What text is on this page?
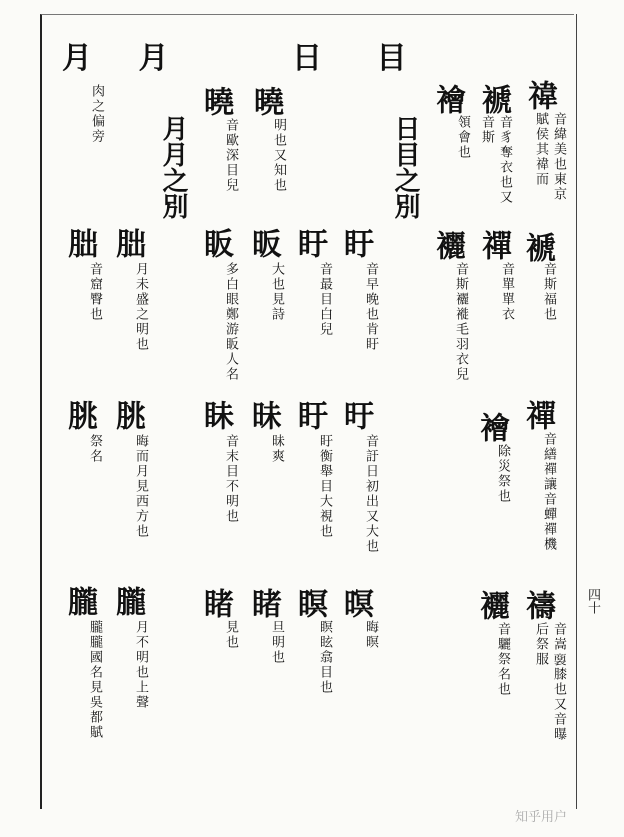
四十
月 月	日 目
日目之別
月月之別
禕
音緯美也東京
賦侯其禕而
褫
音豸奪衣也又
音斯
襘
領會也
褫
音斯福也
禪
音單單衣
襹
音斯襹褷毛羽衣兒
禪
音繕禪讓音蟬禪機
襘
除災祭也
禱
音嵩𧜟膝也又音曝
后祭服
襹
音驪祭名也
曉
明也又知也
曉
音歐深目兒
盱
音早晚也肯盱
盱
音最目白兒
昄
大也見詩
眅
多白眼鄭游眅人名
旴
音訏日初出又大也
盱
盱衡舉目大視也
昧
昧爽
眛
音末目不明也
暝
晦暝
瞑
瞑眩翕目也
睹
旦明也
睹
見也
肉之偏旁
朏
月未盛之明也
朏
音窟臀也
朓
晦而月見西方也
朓
祭名
朧
月不明也上聲
朧
朧朧國名見吳都賦
知乎用户
